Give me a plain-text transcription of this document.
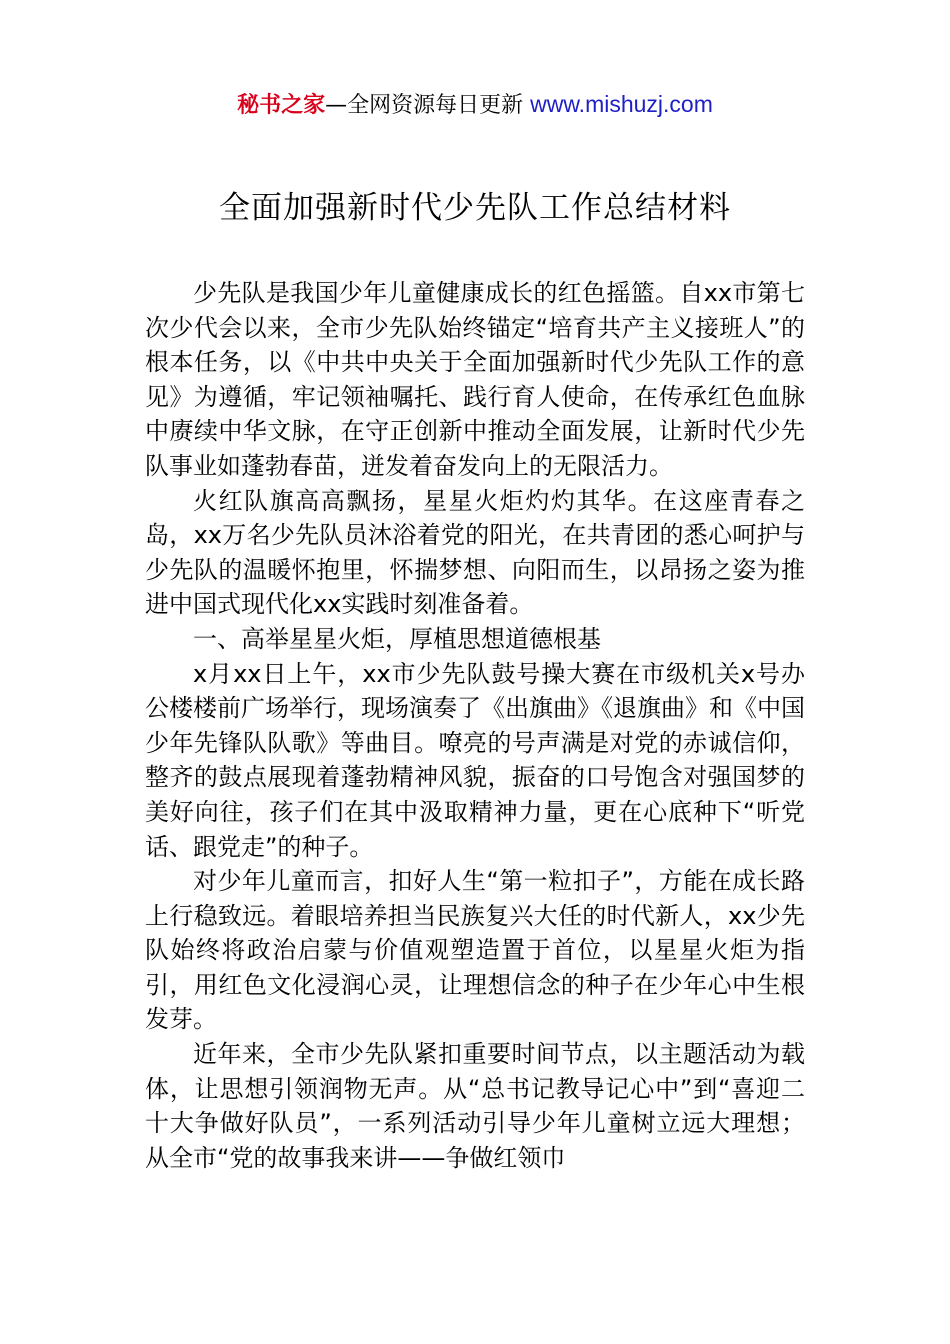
秘书之家—全网资源每日更新 www.mishuzj.com
全面加强新时代少先队工作总结材料

少先队是我国少年儿童健康成长的红色摇篮。自xx市第七次少代会以来，全市少先队始终锚定“培育共产主义接班人”的根本任务，以《中共中央关于全面加强新时代少先队工作的意见》为遵循，牢记领袖嘱托、践行育人使命，在传承红色血脉中赓续中华文脉，在守正创新中推动全面发展，让新时代少先队事业如蓬勃春苗，迸发着奋发向上的无限活力。

火红队旗高高飘扬，星星火炬灼灼其华。在这座青春之岛，xx万名少先队员沐浴着党的阳光，在共青团的悉心呵护与少先队的温暖怀抱里，怀揣梦想、向阳而生，以昂扬之姿为推进中国式现代化xx实践时刻准备着。

一、高举星星火炬，厚植思想道德根基

x月xx日上午，xx市少先队鼓号操大赛在市级机关x号办公楼楼前广场举行，现场演奏了《出旗曲》《退旗曲》和《中国少年先锋队队歌》等曲目。嘹亮的号声满是对党的赤诚信仰，整齐的鼓点展现着蓬勃精神风貌，振奋的口号饱含对强国梦的美好向往，孩子们在其中汲取精神力量，更在心底种下“听党话、跟党走”的种子。

对少年儿童而言，扣好人生“第一粒扣子”，方能在成长路上行稳致远。着眼培养担当民族复兴大任的时代新人，xx少先队始终将政治启蒙与价值观塑造置于首位，以星星火炬为指引，用红色文化浸润心灵，让理想信念的种子在少年心中生根发芽。

近年来，全市少先队紧扣重要时间节点，以主题活动为载体，让思想引领润物无声。从“总书记教导记心中”到“喜迎二十大争做好队员”，一系列活动引导少年儿童树立远大理想；从全市“党的故事我来讲——争做红领巾
